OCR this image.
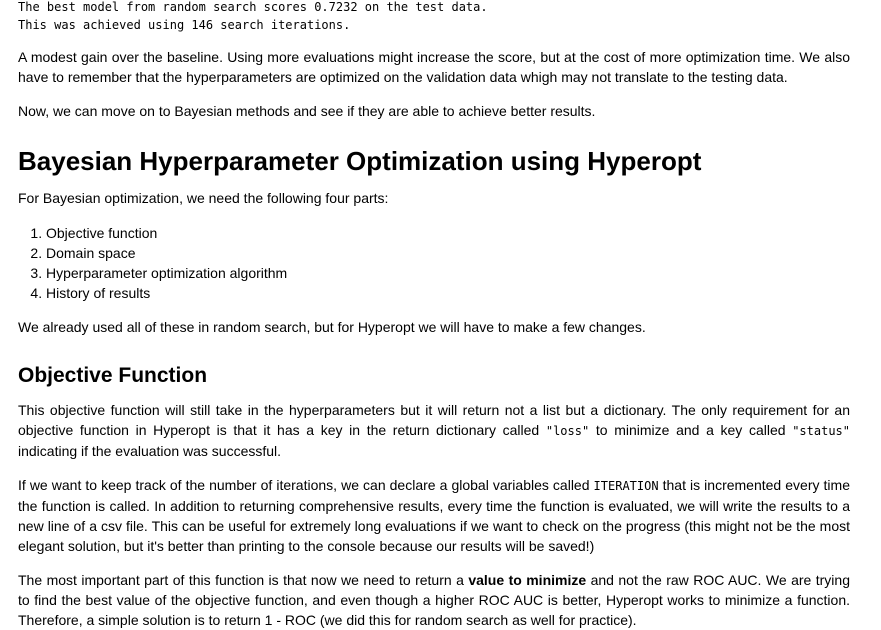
The best model from random search scores 0.7232 on the test data.
This was achieved using 146 search iterations.

A modest gain over the baseline. Using more evaluations might increase the score, but at the cost of more optimization time. We also have to remember that the hyperparameters are optimized on the validation data whigh may not translate to the testing data.

Now, we can move on to Bayesian methods and see if they are able to achieve better results.

Bayesian Hyperparameter Optimization using Hyperopt

For Bayesian optimization, we need the following four parts:

1. Objective function
2. Domain space
3. Hyperparameter optimization algorithm
4. History of results

We already used all of these in random search, but for Hyperopt we will have to make a few changes.

Objective Function

This objective function will still take in the hyperparameters but it will return not a list but a dictionary. The only requirement for an objective function in Hyperopt is that it has a key in the return dictionary called "loss" to minimize and a key called "status" indicating if the evaluation was successful.

If we want to keep track of the number of iterations, we can declare a global variables called ITERATION that is incremented every time the function is called. In addition to returning comprehensive results, every time the function is evaluated, we will write the results to a new line of a csv file. This can be useful for extremely long evaluations if we want to check on the progress (this might not be the most elegant solution, but it's better than printing to the console because our results will be saved!)

The most important part of this function is that now we need to return a value to minimize and not the raw ROC AUC. We are trying to find the best value of the objective function, and even though a higher ROC AUC is better, Hyperopt works to minimize a function. Therefore, a simple solution is to return 1 - ROC (we did this for random search as well for practice).
